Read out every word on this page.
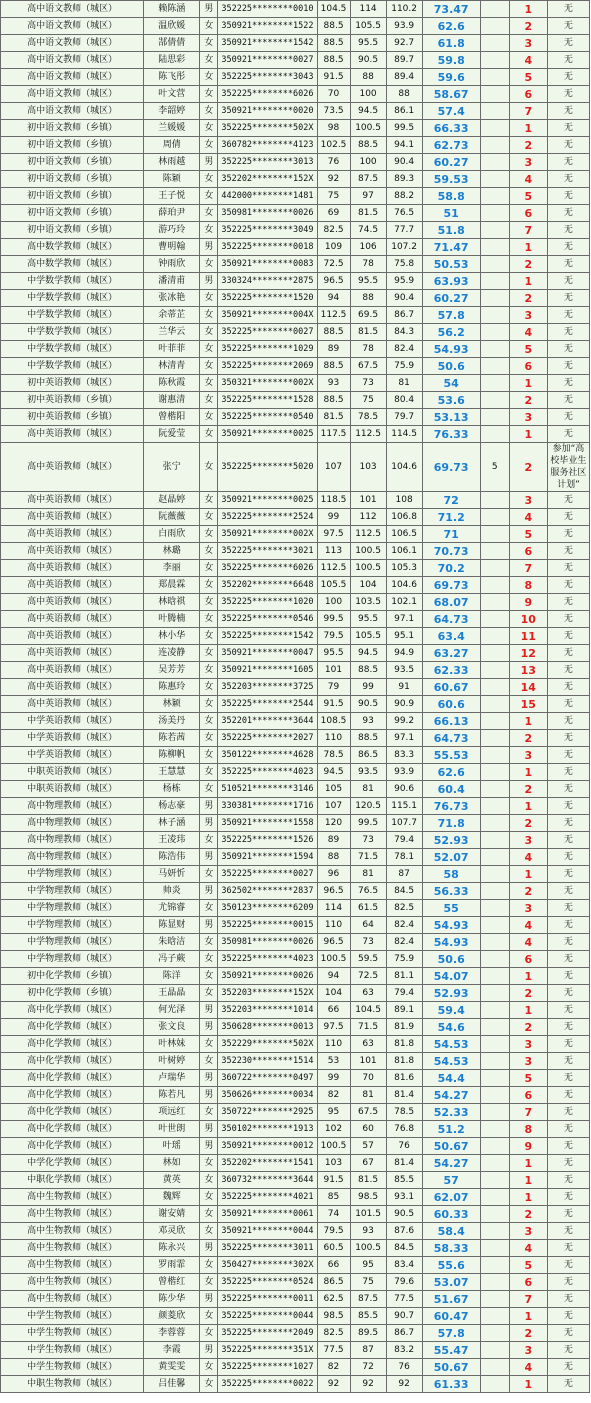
高中语文教师（城区）	赖陈涵	男	352225********0010	104.5	114	110.2	73.47		1	无
高中语文教师（城区）	温欣媛	女	350921********1522	88.5	105.5	93.9	62.6		2	无
高中语文教师（城区）	郜倩倩	女	350921********1542	88.5	95.5	92.7	61.8		3	无
高中语文教师（城区）	陆思彩	女	350921********0027	88.5	90.5	89.7	59.8		4	无
高中语文教师（城区）	陈飞彤	女	352225********3043	91.5	88	89.4	59.6		5	无
高中语文教师（城区）	叶文营	女	352225********6026	70	100	88	58.67		6	无
高中语文教师（城区）	李韶婷	女	350921********0020	73.5	94.5	86.1	57.4		7	无
初中语文教师（乡镇）	兰媛媛	女	352225********502X	98	100.5	99.5	66.33		1	无
初中语文教师（乡镇）	周倩	女	360782********4123	102.5	88.5	94.1	62.73		2	无
初中语文教师（乡镇）	林雨越	男	352225********3013	76	100	90.4	60.27		3	无
初中语文教师（乡镇）	陈颖	女	352202********152X	92	87.5	89.3	59.53		4	无
初中语文教师（乡镇）	王子悦	女	442000********1481	75	97	88.2	58.8		5	无
初中语文教师（乡镇）	薛珀尹	女	350981********0026	69	81.5	76.5	51		6	无
初中语文教师（乡镇）	游巧玲	女	352225********3049	82.5	74.5	77.7	51.8		7	无
高中数学教师（城区）	曹明翰	男	352225********0018	109	106	107.2	71.47		1	无
高中数学教师（城区）	钟雨欣	女	350921********0083	72.5	78	75.8	50.53		2	无
中学数学教师（城区）	潘清甫	男	330324********2875	96.5	95.5	95.9	63.93		1	无
中学数学教师（城区）	张冰艳	女	352225********1520	94	88	90.4	60.27		2	无
中学数学教师（城区）	余蒂芷	女	350921********004X	112.5	69.5	86.7	57.8		3	无
中学数学教师（城区）	兰华云	女	352225********0027	88.5	81.5	84.3	56.2		4	无
中学数学教师（城区）	叶菲菲	女	352225********1029	89	78	82.4	54.93		5	无
中学数学教师（城区）	林清青	女	352225********2069	88.5	67.5	75.9	50.6		6	无
初中英语教师（城区）	陈秋霞	女	350321********002X	93	73	81	54		1	无
初中英语教师（乡镇）	谢惠清	女	352225********1528	88.5	75	80.4	53.6		2	无
初中英语教师（乡镇）	曾楷阳	女	352225********0540	81.5	78.5	79.7	53.13		3	无
高中英语教师（城区）	阮爱莹	女	350921********0025	117.5	112.5	114.5	76.33		1	无
高中英语教师（城区）	张宁	女	352225********5020	107	103	104.6	69.73	5	2	参加“高校毕业生服务社区计划”
高中英语教师（城区）	赵晶婷	女	350921********0025	118.5	101	108	72		3	无
高中英语教师（城区）	阮薇薇	女	352225********2524	99	112	106.8	71.2		4	无
高中英语教师（城区）	白雨欣	女	350921********002X	97.5	112.5	106.5	71		5	无
高中英语教师（城区）	林璐	女	352225********3021	113	100.5	106.1	70.73		6	无
高中英语教师（城区）	李丽	女	352225********6026	112.5	100.5	105.3	70.2		7	无
高中英语教师（城区）	郑晨霖	女	352202********6648	105.5	104	104.6	69.73		8	无
高中英语教师（城区）	林晗祺	女	352225********1020	100	103.5	102.1	68.07		9	无
高中英语教师（城区）	叶腾楠	女	352225********0546	99.5	95.5	97.1	64.73		10	无
高中英语教师（城区）	林小华	女	352225********1542	79.5	105.5	95.1	63.4		11	无
高中英语教师（城区）	连凌静	女	350921********0047	95.5	94.5	94.9	63.27		12	无
高中英语教师（城区）	吴芳芳	女	350921********1605	101	88.5	93.5	62.33		13	无
高中英语教师（城区）	陈惠玲	女	352203********3725	79	99	91	60.67		14	无
高中英语教师（城区）	林颖	女	352225********2544	91.5	90.5	90.9	60.6		15	无
中学英语教师（城区）	汤美丹	女	352201********3644	108.5	93	99.2	66.13		1	无
中学英语教师（城区）	陈若茜	女	352225********2027	110	88.5	97.1	64.73		2	无
中学英语教师（城区）	陈柳帆	女	350122********4628	78.5	86.5	83.3	55.53		3	无
中职英语教师（城区）	王慧慧	女	352225********4023	94.5	93.5	93.9	62.6		1	无
中职英语教师（城区）	杨栋	女	510521********3146	105	81	90.6	60.4		2	无
高中物理教师（城区）	杨志豪	男	330381********1716	107	120.5	115.1	76.73		1	无
高中物理教师（城区）	林子涵	男	350921********1558	120	99.5	107.7	71.8		2	无
高中物理教师（城区）	王凌玮	女	352225********1526	89	73	79.4	52.93		3	无
高中物理教师（城区）	陈浩伟	男	350921********1594	88	71.5	78.1	52.07		4	无
中学物理教师（城区）	马妍忻	女	352225********0027	96	81	87	58		1	无
中学物理教师（城区）	帅炎	男	362502********2837	96.5	76.5	84.5	56.33		2	无
中学物理教师（城区）	尤锦睿	女	350123********6209	114	61.5	82.5	55		3	无
中学物理教师（城区）	陈显财	男	352225********0015	110	64	82.4	54.93		4	无
中学物理教师（城区）	朱晗洁	女	350981********0026	96.5	73	82.4	54.93		4	无
中学物理教师（城区）	冯子蕨	女	352225********4023	100.5	59.5	75.9	50.6		6	无
初中化学教师（乡镇）	陈洋	女	350921********0026	94	72.5	81.1	54.07		1	无
初中化学教师（乡镇）	王晶晶	女	352203********152X	104	63	79.4	52.93		2	无
高中化学教师（城区）	何光泽	男	352203********1014	66	104.5	89.1	59.4		1	无
高中化学教师（城区）	张文良	男	350628********0013	97.5	71.5	81.9	54.6		2	无
高中化学教师（城区）	叶林妹	女	352229********502X	110	63	81.8	54.53		3	无
高中化学教师（城区）	叶树婷	女	352230********1514	53	101	81.8	54.53		3	无
高中化学教师（城区）	卢瑞华	男	360722********0497	99	70	81.6	54.4		5	无
高中化学教师（城区）	陈若凡	男	350626********0034	82	81	81.4	54.27		6	无
高中化学教师（城区）	项远红	女	350722********2925	95	67.5	78.5	52.33		7	无
高中化学教师（城区）	叶世朗	男	350102********1913	102	60	76.8	51.2		8	无
高中化学教师（城区）	叶瑶	男	350921********0012	100.5	57	76	50.67		9	无
中学化学教师（城区）	林如	女	352202********1541	103	67	81.4	54.27		1	无
中职化学教师（城区）	黄英	女	360732********3644	91.5	81.5	85.5	57		1	无
高中生物教师（城区）	魏辉	女	352225********4021	85	98.5	93.1	62.07		1	无
高中生物教师（城区）	谢安婧	女	350921********0061	74	101.5	90.5	60.33		2	无
高中生物教师（城区）	邓灵欣	女	350921********0044	79.5	93	87.6	58.4		3	无
高中生物教师（城区）	陈永兴	男	352225********3011	60.5	100.5	84.5	58.33		4	无
高中生物教师（城区）	罗雨霏	女	350427********302X	66	95	83.4	55.6		5	无
高中生物教师（城区）	曾楷红	女	352225********0524	86.5	75	79.6	53.07		6	无
高中生物教师（城区）	陈少华	男	352225********0011	62.5	87.5	77.5	51.67		7	无
中学生物教师（城区）	颜菱欣	女	352225********0044	98.5	85.5	90.7	60.47		1	无
中学生物教师（城区）	李蓉蓉	女	352225********2049	82.5	89.5	86.7	57.8		2	无
中学生物教师（城区）	李霞	男	352225********351X	77.5	87	83.2	55.47		3	无
中学生物教师（城区）	黄雯雯	女	352225********1027	82	72	76	50.67		4	无
中职生物教师（城区）	吕佳馨	女	352225********0022	92	92	92	61.33		1	无
